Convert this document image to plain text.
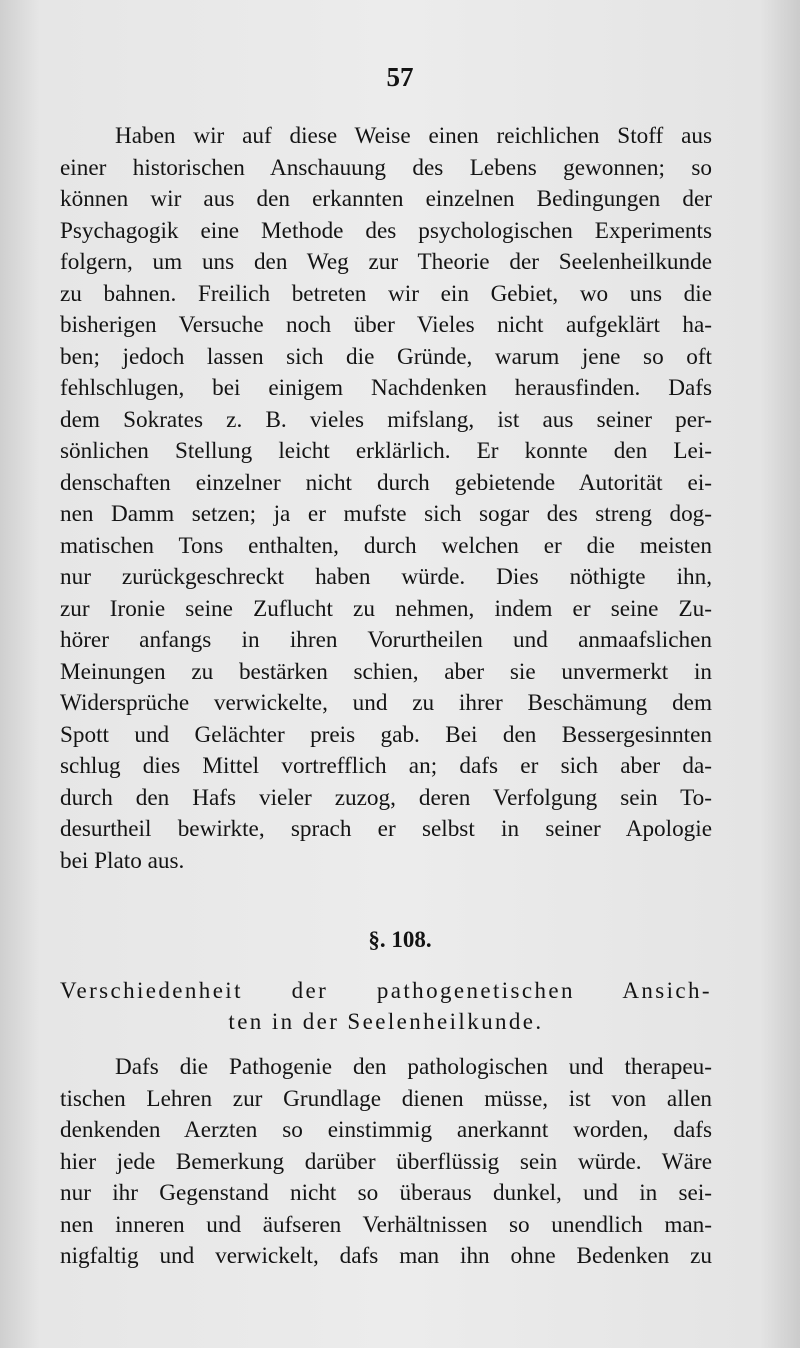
57
Haben wir auf diese Weise einen reichlichen Stoff aus
einer historischen Anschauung des Lebens gewonnen; so
können wir aus den erkannten einzelnen Bedingungen der
Psychagogik eine Methode des psychologischen Experiments
folgern, um uns den Weg zur Theorie der Seelenheilkunde
zu bahnen. Freilich betreten wir ein Gebiet, wo uns die
bisherigen Versuche noch über Vieles nicht aufgeklärt ha-
ben; jedoch lassen sich die Gründe, warum jene so oft
fehlschlugen, bei einigem Nachdenken herausfinden. Dafs
dem Sokrates z. B. vieles mifslang, ist aus seiner per-
sönlichen Stellung leicht erklärlich. Er konnte den Lei-
denschaften einzelner nicht durch gebietende Autorität ei-
nen Damm setzen; ja er mufste sich sogar des streng dog-
matischen Tons enthalten, durch welchen er die meisten
nur zurückgeschreckt haben würde. Dies nöthigte ihn,
zur Ironie seine Zuflucht zu nehmen, indem er seine Zu-
hörer anfangs in ihren Vorurtheilen und anmaafslichen
Meinungen zu bestärken schien, aber sie unvermerkt in
Widersprüche verwickelte, und zu ihrer Beschämung dem
Spott und Gelächter preis gab. Bei den Bessergesinnten
schlug dies Mittel vortrefflich an; dafs er sich aber da-
durch den Hafs vieler zuzog, deren Verfolgung sein To-
desurtheil bewirkte, sprach er selbst in seiner Apologie
bei Plato aus.
§. 108.
Verschiedenheit der pathogenetischen Ansich-
ten in der Seelenheilkunde.
Dafs die Pathogenie den pathologischen und therapeu-
tischen Lehren zur Grundlage dienen müsse, ist von allen
denkenden Aerzten so einstimmig anerkannt worden, dafs
hier jede Bemerkung darüber überflüssig sein würde. Wäre
nur ihr Gegenstand nicht so überaus dunkel, und in sei-
nen inneren und äufseren Verhältnissen so unendlich man-
nigfaltig und verwickelt, dafs man ihn ohne Bedenken zu
